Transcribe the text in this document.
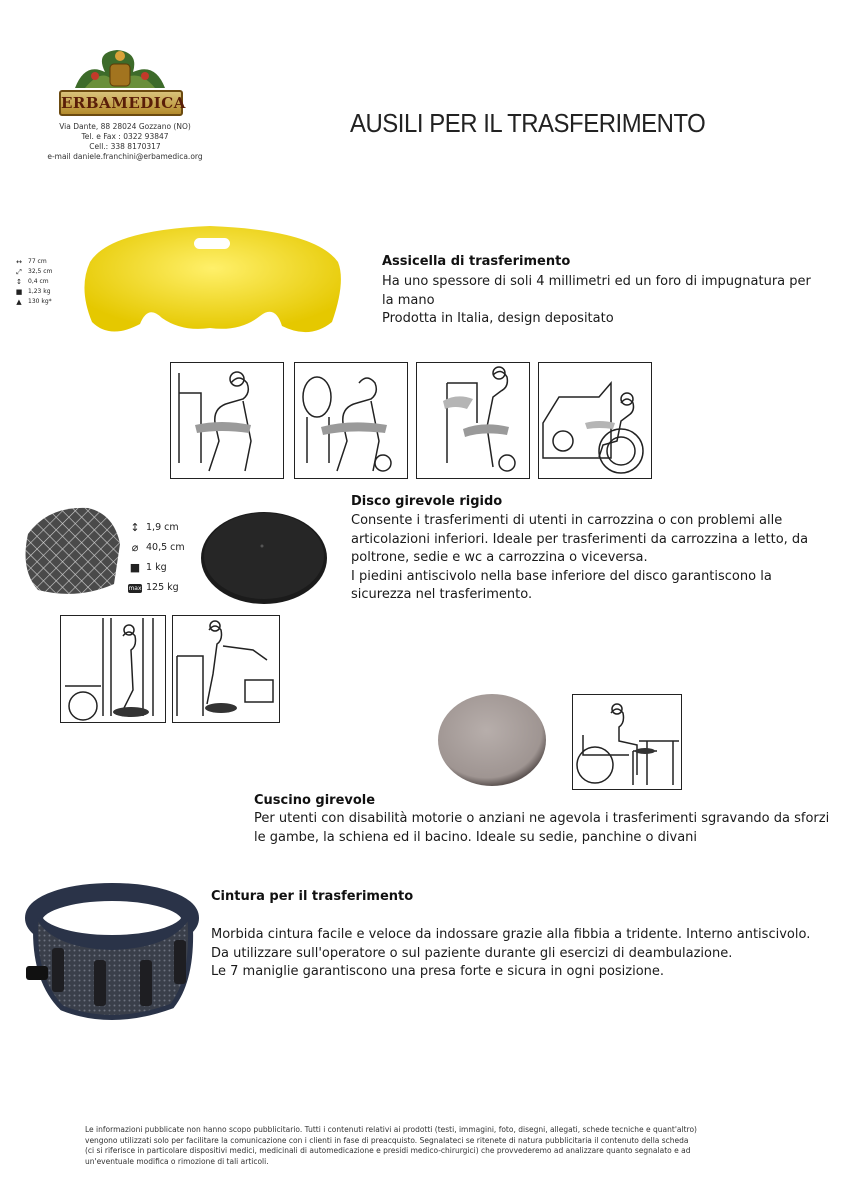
ERBAMEDICA
Via Dante, 88 28024 Gozzano (NO)
Tel. e Fax : 0322 93847
Cell.: 338 8170317
e-mail daniele.franchini@erbamedica.org
AUSILI PER IL TRASFERIMENTO
↔	77 cm
⤢	32,5 cm
↕	0,4 cm
■ 1,23 kg
▲	130 kg*
Assicella di trasferimento

Ha uno spessore di soli 4 millimetri ed un foro di impugnatura per

la mano

Prodotta in Italia, design depositato

↕ 1,9 cm
⌀ 40,5 cm
■ 1 kg
max 125 kg
Disco girevole rigido

Consente i trasferimenti di utenti in carrozzina o con problemi alle

articolazioni inferiori. Ideale per trasferimenti da carrozzina a letto, da

poltrone, sedie e wc a carrozzina o viceversa.

I piedini antiscivolo nella base inferiore del disco garantiscono la

sicurezza nel trasferimento.

Cuscino girevole

Per utenti con disabilità motorie o anziani ne agevola i trasferimenti sgravando da sforzi

le gambe, la schiena ed il bacino. Ideale su sedie, panchine o divani

Cintura per il trasferimento

Morbida cintura facile e veloce da indossare grazie alla fibbia a tridente. Interno antiscivolo.

Da utilizzare sull'operatore o sul paziente durante gli esercizi di deambulazione.

Le 7 maniglie garantiscono una presa forte e sicura in ogni posizione.

Le informazioni pubblicate non hanno scopo pubblicitario. Tutti i contenuti relativi ai prodotti (testi, immagini, foto, disegni, allegati, schede tecniche e quant'altro)

vengono utilizzati solo per facilitare la comunicazione con i clienti in fase di preacquisto. Segnalateci se ritenete di natura pubblicitaria il contenuto della scheda

(ci si riferisce in particolare dispositivi medici, medicinali di automedicazione e presidi medico-chirurgici) che provvederemo ad analizzare quanto segnalato e ad

un'eventuale modifica o rimozione di tali articoli.
